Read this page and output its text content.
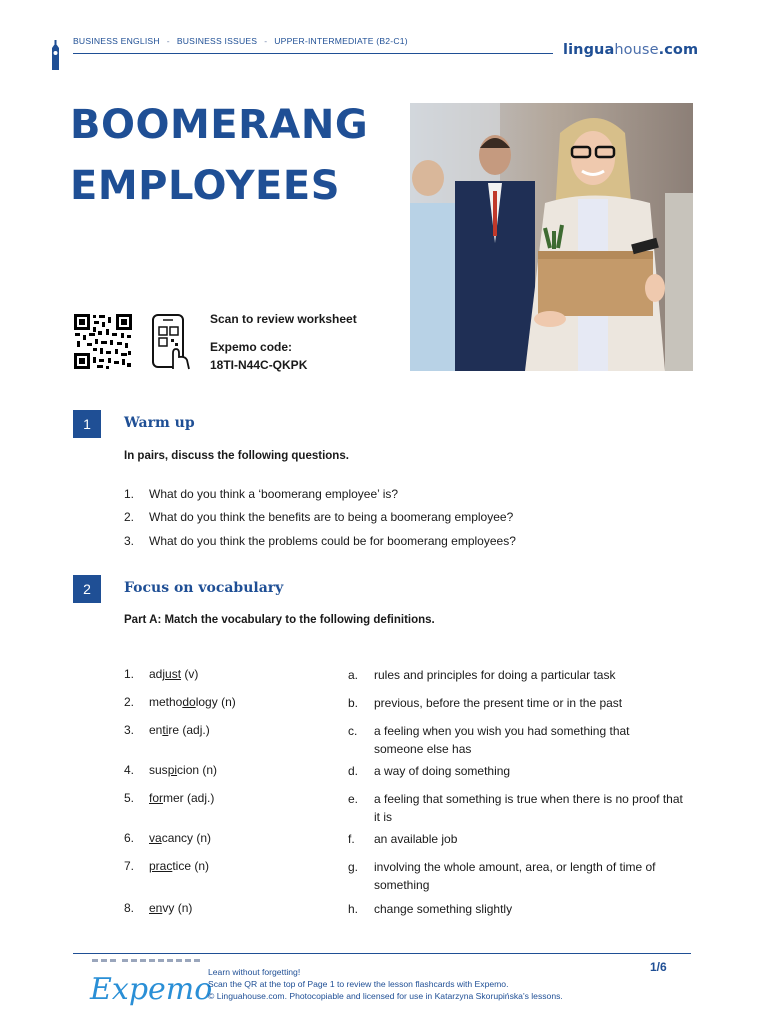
BUSINESS ENGLISH - BUSINESS ISSUES - UPPER-INTERMEDIATE (B2-C1)
linguahouse.com
BOOMERANG
EMPLOYEES
Scan to review worksheet
Expemo code:
18TI-N44C-QKPK
1	Warm up
In pairs, discuss the following questions.
1. What do you think a ‘boomerang employee’ is?
2. What do you think the benefits are to being a boomerang employee?
3. What do you think the problems could be for boomerang employees?
2	Focus on vocabulary
Part A: Match the vocabulary to the following definitions.
1. adjust (v)
2. methodology (n)
3. entire (adj.)
4. suspicion (n)
5. former (adj.)
6. vacancy (n)
7. practice (n)
8. envy (n)
a. rules and principles for doing a particular task
b. previous, before the present time or in the past
c. a feeling when you wish you had something that someone else has
d. a way of doing something
e. a feeling that something is true when there is no proof that it is
f. an available job
g. involving the whole amount, area, or length of time of something
h. change something slightly
Expemo
Learn without forgetting!
Scan the QR at the top of Page 1 to review the lesson flashcards with Expemo.
© Linguahouse.com. Photocopiable and licensed for use in Katarzyna Skorupińska's lessons.
1/6
